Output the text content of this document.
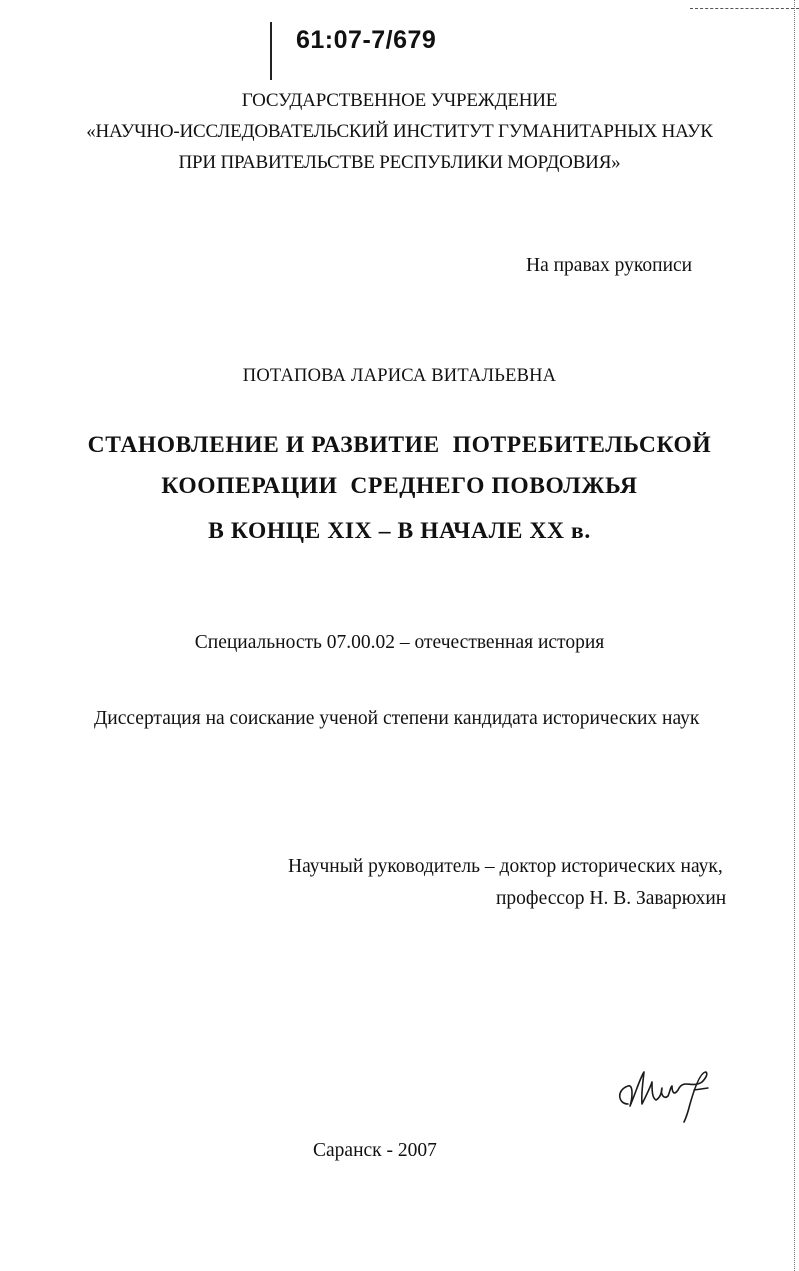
61:07-7/679
ГОСУДАРСТВЕННОЕ УЧРЕЖДЕНИЕ
«НАУЧНО-ИССЛЕДОВАТЕЛЬСКИЙ ИНСТИТУТ ГУМАНИТАРНЫХ НАУК
ПРИ ПРАВИТЕЛЬСТВЕ РЕСПУБЛИКИ МОРДОВИЯ»
На правах рукописи
ПОТАПОВА ЛАРИСА ВИТАЛЬЕВНА
СТАНОВЛЕНИЕ И РАЗВИТИЕ  ПОТРЕБИТЕЛЬСКОЙ
КООПЕРАЦИИ  СРЕДНЕГО ПОВОЛЖЬЯ
В КОНЦЕ XIX – В НАЧАЛЕ XX в.
Специальность 07.00.02 – отечественная история
Диссертация на соискание ученой степени кандидата исторических наук
Научный руководитель – доктор исторических наук,
профессор Н. В. Заварюхин
Саранск - 2007
